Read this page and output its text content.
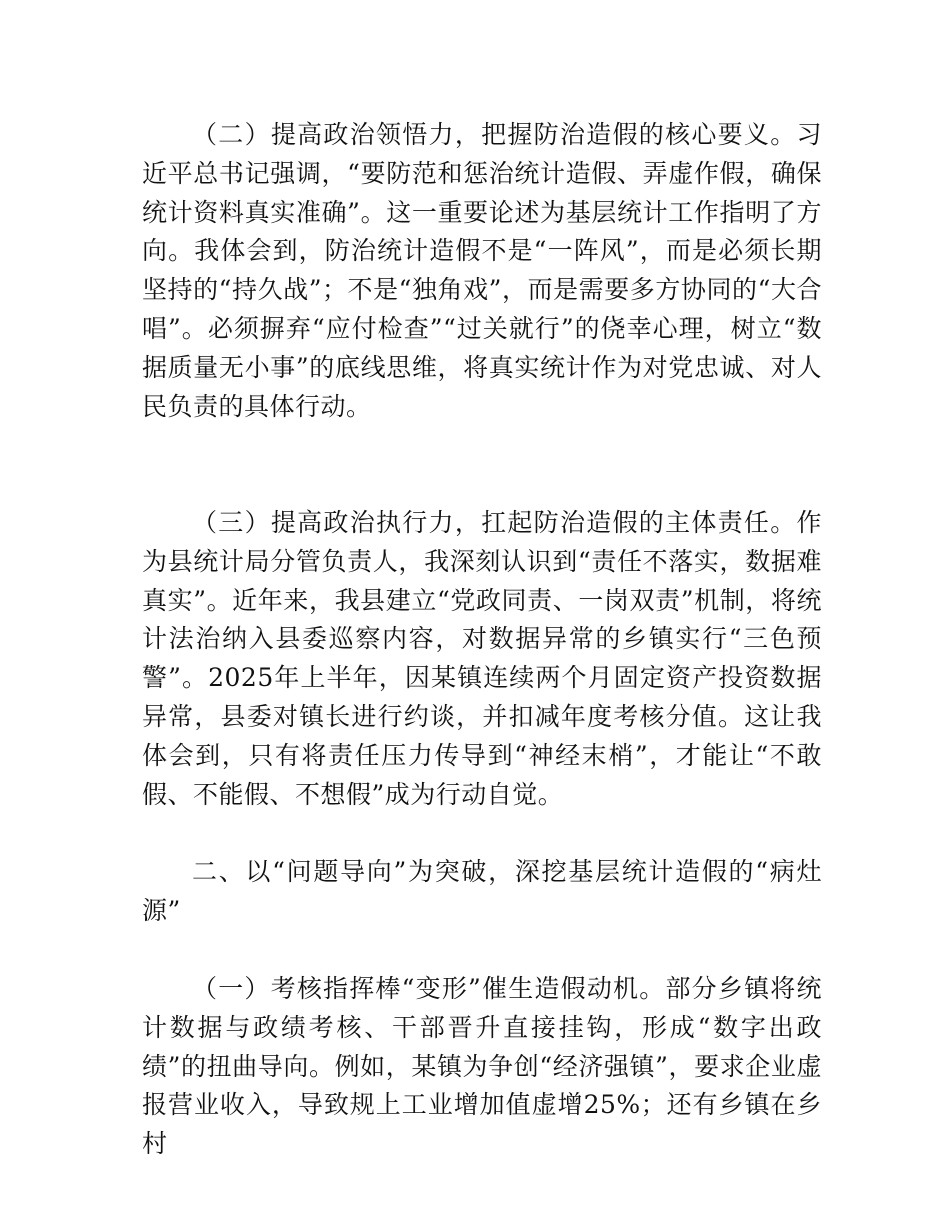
（二）提高政治领悟力，把握防治造假的核心要义。习近平总书记强调，“要防范和惩治统计造假、弄虚作假，确保统计资料真实准确”。这一重要论述为基层统计工作指明了方向。我体会到，防治统计造假不是“一阵风”，而是必须长期坚持的“持久战”；不是“独角戏”，而是需要多方协同的“大合唱”。必须摒弃“应付检查”“过关就行”的侥幸心理，树立“数据质量无小事”的底线思维，将真实统计作为对党忠诚、对人民负责的具体行动。

（三）提高政治执行力，扛起防治造假的主体责任。作为县统计局分管负责人，我深刻认识到“责任不落实，数据难真实”。近年来，我县建立“党政同责、一岗双责”机制，将统计法治纳入县委巡察内容，对数据异常的乡镇实行“三色预警”。2025年上半年，因某镇连续两个月固定资产投资数据异常，县委对镇长进行约谈，并扣减年度考核分值。这让我体会到，只有将责任压力传导到“神经末梢”，才能让“不敢假、不能假、不想假”成为行动自觉。

二、以“问题导向”为突破，深挖基层统计造假的“病灶源”

（一）考核指挥棒“变形”催生造假动机。部分乡镇将统计数据与政绩考核、干部晋升直接挂钩，形成“数字出政绩”的扭曲导向。例如，某镇为争创“经济强镇”，要求企业虚报营业收入，导致规上工业增加值虚增25%；还有乡镇在乡村
